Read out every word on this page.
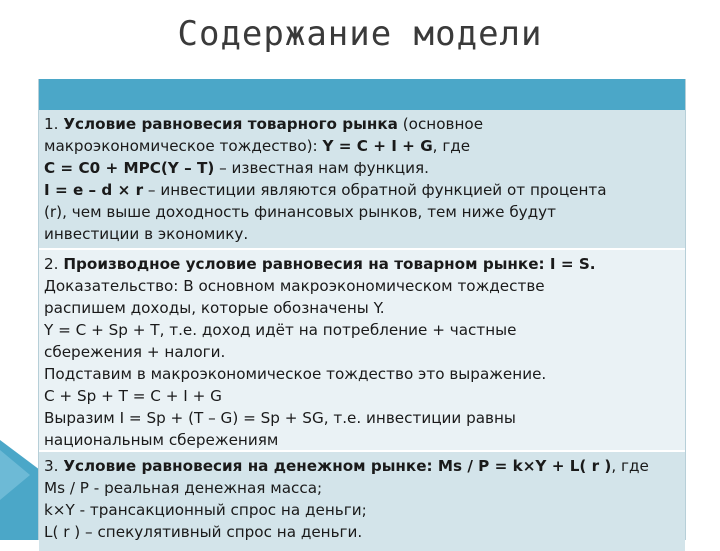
Содержание модели
1. Условие равновесия товарного рынка (основное
макроэкономическое тождество): Y = C + I + G, где
C = C0 + MPC(Y – T) – известная нам функция.
I = e – d × r – инвестиции являются обратной функцией от процента
(r), чем выше доходность финансовых рынков, тем ниже будут
инвестиции в экономику.
2. Производное условие равновесия на товарном рынке: I = S.
Доказательство: В основном макроэкономическом тождестве
распишем доходы, которые обозначены Y.
Y = C + Sp + T, т.е. доход идёт на потребление + частные
сбережения + налоги.
Подставим в макроэкономическое тождество это выражение.
C + Sp + T = C + I + G
Выразим I = Sp + (T – G) = Sp + SG, т.е. инвестиции равны
национальным сбережениям
3. Условие равновесия на денежном рынке: Ms / P = k×Y + L( r ), где
Ms / P - реальная денежная масса;
k×Y - трансакционный спрос на деньги;
L( r ) – спекулятивный спрос на деньги.
